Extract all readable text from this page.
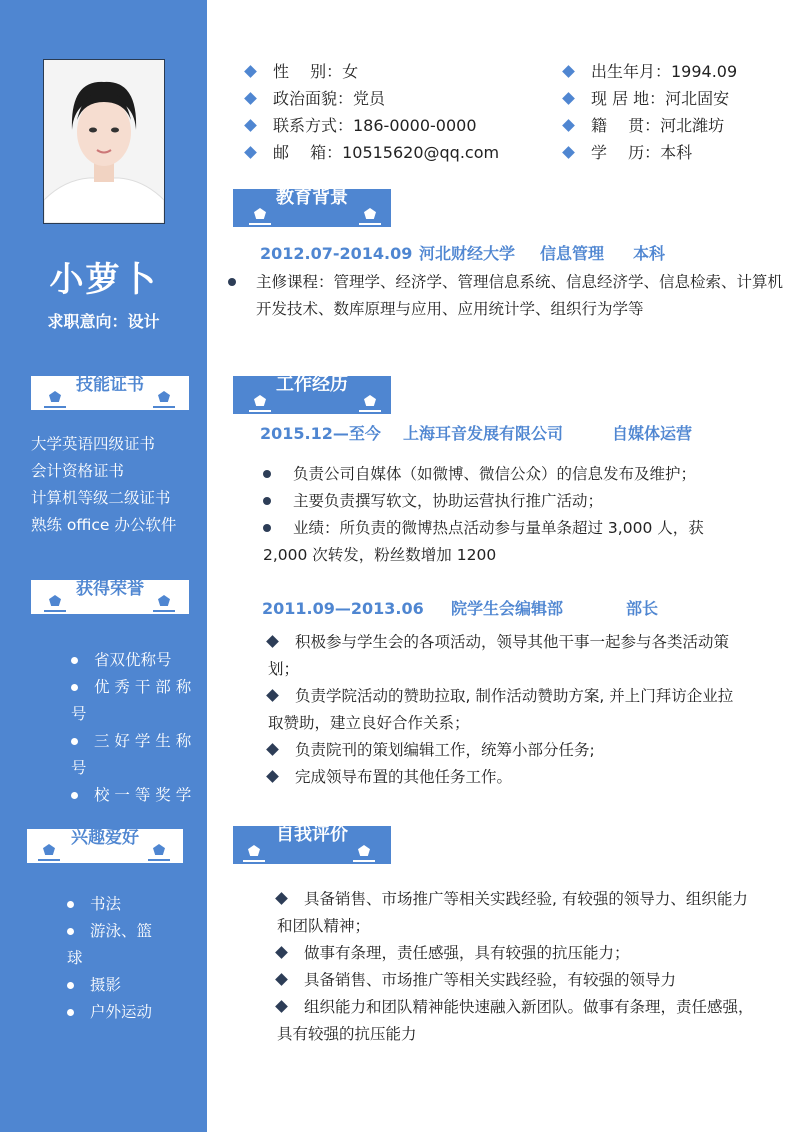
小萝卜
求职意向：设计
技能证书
大学英语四级证书
会计资格证书
计算机等级二级证书
熟练 office 办公软件
获得荣誉
省双优称号
优 秀 干 部 称
号
三 好 学 生 称
号
校 一 等 奖 学
兴趣爱好
书法
游泳、篮
球
摄影
户外运动
性　 别：女	出生年月：1994.09
政治面貌：党员	现 居 地：河北固安
联系方式：186-0000-0000	籍　 贯：河北潍坊
邮　 箱：10515620@qq.com	学　 历：本科
教育背景
2012.07-2014.09 河北财经大学 信息管理 本科
主修课程：管理学、经济学、管理信息系统、信息经济学、信息检索、计算机
开发技术、数库原理与应用、应用统计学、组织行为学等
工作经历
2015.12—至今 上海耳音发展有限公司	自媒体运营
负责公司自媒体（如微博、微信公众）的信息发布及维护；
主要负责撰写软文，协助运营执行推广活动；
业绩：所负责的微博热点活动参与量单条超过 3,000 人，获
2,000 次转发，粉丝数增加 1200
2011.09—2013.06 院学生会编辑部	部长
积极参与学生会的各项活动，领导其他干事一起参与各类活动策
划；
负责学院活动的赞助拉取, 制作活动赞助方案, 并上门拜访企业拉
取赞助，建立良好合作关系；
负责院刊的策划编辑工作，统筹小部分任务;
完成领导布置的其他任务工作。
自我评价
具备销售、市场推广等相关实践经验, 有较强的领导力、组织能力
和团队精神；
做事有条理，责任感强，具有较强的抗压能力；
具备销售、市场推广等相关实践经验，有较强的领导力
组织能力和团队精神能快速融入新团队。做事有条理，责任感强，
具有较强的抗压能力
